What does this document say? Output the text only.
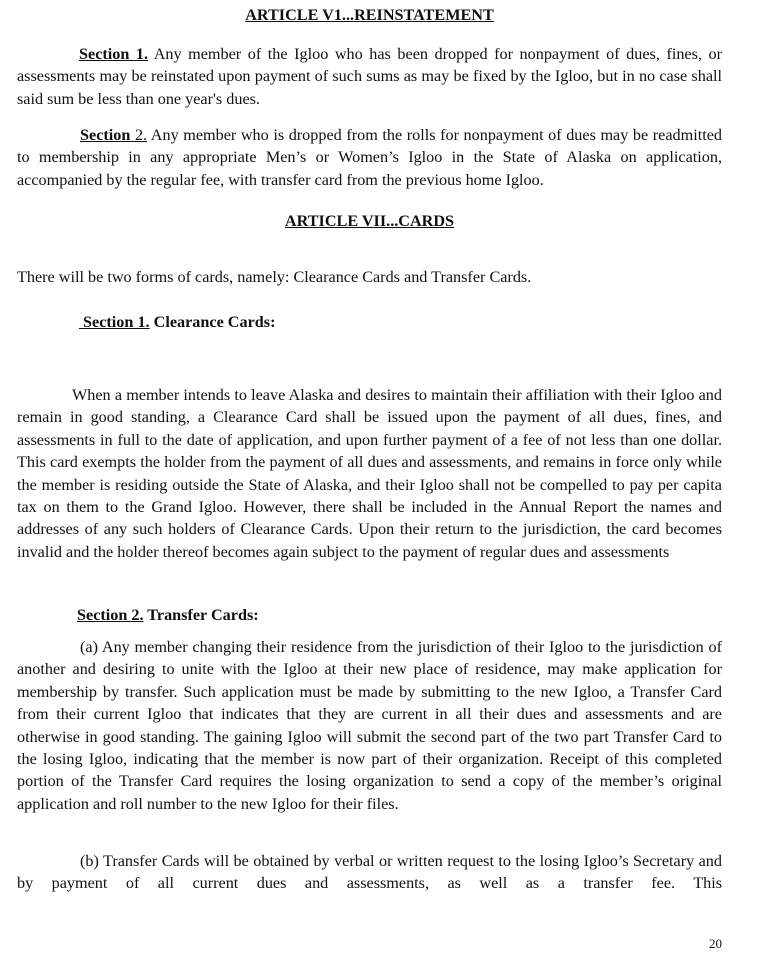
ARTICLE V1...REINSTATEMENT
Section 1. Any member of the Igloo who has been dropped for nonpayment of dues, fines, or assessments may be reinstated upon payment of such sums as may be fixed by the Igloo, but in no case shall said sum be less than one year's dues.
Section 2. Any member who is dropped from the rolls for nonpayment of dues may be readmitted to membership in any appropriate Men’s or Women’s Igloo in the State of Alaska on application, accompanied by the regular fee, with transfer card from the previous home Igloo.
ARTICLE VII...CARDS
There will be two forms of cards, namely: Clearance Cards and Transfer Cards.
Section 1. Clearance Cards:
When a member intends to leave Alaska and desires to maintain their affiliation with their Igloo and remain in good standing, a Clearance Card shall be issued upon the payment of all dues, fines, and assessments in full to the date of application, and upon further payment of a fee of not less than one dollar. This card exempts the holder from the payment of all dues and assessments, and remains in force only while the member is residing outside the State of Alaska, and their Igloo shall not be compelled to pay per capita tax on them to the Grand Igloo. However, there shall be included in the Annual Report the names and addresses of any such holders of Clearance Cards. Upon their return to the jurisdiction, the card becomes invalid and the holder thereof becomes again subject to the payment of regular dues and assessments
Section 2. Transfer Cards:
(a) Any member changing their residence from the jurisdiction of their Igloo to the jurisdiction of another and desiring to unite with the Igloo at their new place of residence, may make application for membership by transfer. Such application must be made by submitting to the new Igloo, a Transfer Card from their current Igloo that indicates that they are current in all their dues and assessments and are otherwise in good standing. The gaining Igloo will submit the second part of the two part Transfer Card to the losing Igloo, indicating that the member is now part of their organization. Receipt of this completed portion of the Transfer Card requires the losing organization to send a copy of the member’s original application and roll number to the new Igloo for their files.
(b) Transfer Cards will be obtained by verbal or written request to the losing Igloo’s Secretary and by payment of all current dues and assessments, as well as a transfer fee. This
20
